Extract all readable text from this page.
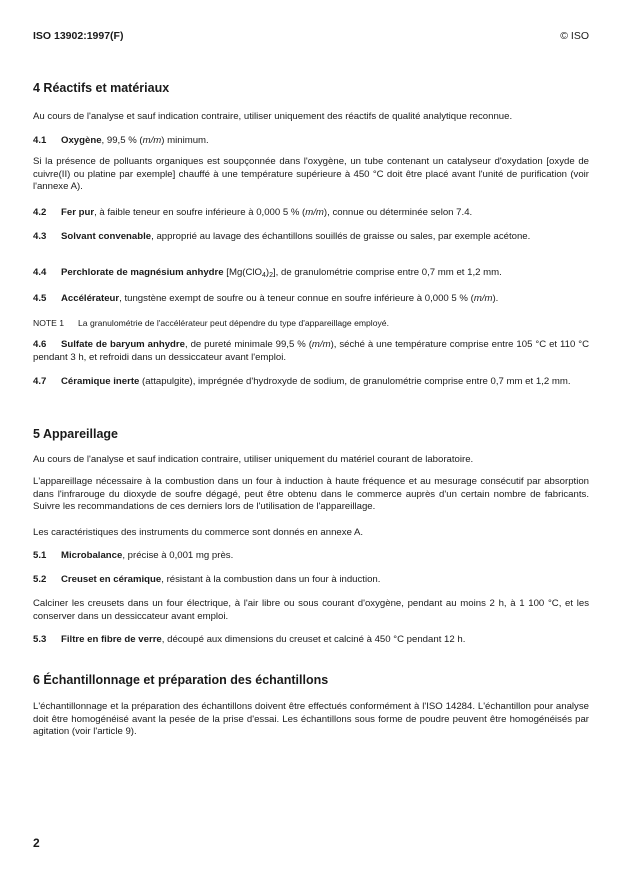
ISO 13902:1997(F)	© ISO
4 Réactifs et matériaux

Au cours de l'analyse et sauf indication contraire, utiliser uniquement des réactifs de qualité analytique reconnue.

4.1 Oxygène, 99,5 % (m/m) minimum.

Si la présence de polluants organiques est soupçonnée dans l'oxygène, un tube contenant un catalyseur d'oxydation [oxyde de cuivre(II) ou platine par exemple] chauffé à une température supérieure à 450 °C doit être placé avant l'unité de purification (voir l'annexe A).

4.2 Fer pur, à faible teneur en soufre inférieure à 0,000 5 % (m/m), connue ou déterminée selon 7.4.

4.3 Solvant convenable, approprié au lavage des échantillons souillés de graisse ou sales, par exemple acétone.

4.4 Perchlorate de magnésium anhydre $[Mg(ClO_4)_2]$, de granulométrie comprise entre 0,7 mm et 1,2 mm.

4.5 Accélérateur, tungstène exempt de soufre ou à teneur connue en soufre inférieure à 0,000 5 % (m/m).

NOTE 1 La granulométrie de l'accélérateur peut dépendre du type d'appareillage employé.

4.6 Sulfate de baryum anhydre, de pureté minimale 99,5 % (m/m), séché à une température comprise entre 105 °C et 110 °C pendant 3 h, et refroidi dans un dessiccateur avant l'emploi.

4.7 Céramique inerte (attapulgite), imprégnée d'hydroxyde de sodium, de granulométrie comprise entre 0,7 mm et 1,2 mm.

5 Appareillage

Au cours de l'analyse et sauf indication contraire, utiliser uniquement du matériel courant de laboratoire.

L'appareillage nécessaire à la combustion dans un four à induction à haute fréquence et au mesurage consécutif par absorption dans l'infrarouge du dioxyde de soufre dégagé, peut être obtenu dans le commerce auprès d'un certain nombre de fabricants. Suivre les recommandations de ces derniers lors de l'utilisation de l'appareillage.

Les caractéristiques des instruments du commerce sont donnés en annexe A.

5.1 Microbalance, précise à 0,001 mg près.

5.2 Creuset en céramique, résistant à la combustion dans un four à induction.

Calciner les creusets dans un four électrique, à l'air libre ou sous courant d'oxygène, pendant au moins 2 h, à 1 100 °C, et les conserver dans un dessiccateur avant emploi.

5.3 Filtre en fibre de verre, découpé aux dimensions du creuset et calciné à 450 °C pendant 12 h.

6 Échantillonnage et préparation des échantillons

L'échantillonnage et la préparation des échantillons doivent être effectués conformément à l'ISO 14284. L'échantillon pour analyse doit être homogénéisé avant la pesée de la prise d'essai. Les échantillons sous forme de poudre peuvent être homogénéisés par agitation (voir l'article 9).

2
